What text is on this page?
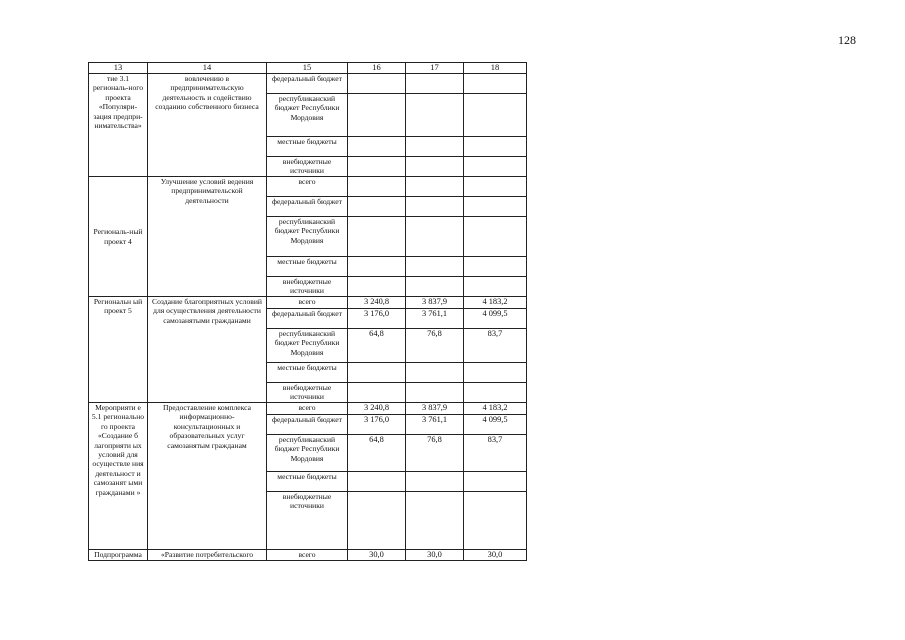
128
13	14	15	16	17	18
тие 3.1 региональ-ного проекта «Популяри-зация предпри-нимательства»	вовлечению в предпринимательскую деятельность и содействию созданию собственного бизнеса	федеральный бюджет			
		республиканский бюджет Республики Мордовия			
		местные бюджеты			
		внебюджетные источники			
Региональ-ный проект 4	Улучшение условий ведения предпринимательской деятельности	всего			
		федеральный бюджет			
		республиканский бюджет Республики Мордовия			
		местные бюджеты			
		внебюджетные источники			
Региональн ый проект 5	Создание благоприятных условий для осуществления деятельности самозанятыми гражданами	всего	3 240,8	3 837,9	4 183,2
		федеральный бюджет	3 176,0	3 761,1	4 099,5
		республиканский бюджет Республики Мордовия	64,8	76,8	83,7
		местные бюджеты			
		внебюджетные источники			
Мероприяти е 5.1 регионально го проекта «Создание б лагоприяти ых условий для осуществле ния деятельност и самозанят ыми гражданами »	Предоставление комплекса информационно-консультационных и образовательных услуг самозанятым гражданам	всего	3 240,8	3 837,9	4 183,2
		федеральный бюджет	3 176,0	3 761,1	4 099,5
		республиканский бюджет Республики Мордовия	64,8	76,8	83,7
		местные бюджеты			
		внебюджетные источники			
Подпрограмма	«Развитие потребительского	всего	30,0	30,0	30,0
